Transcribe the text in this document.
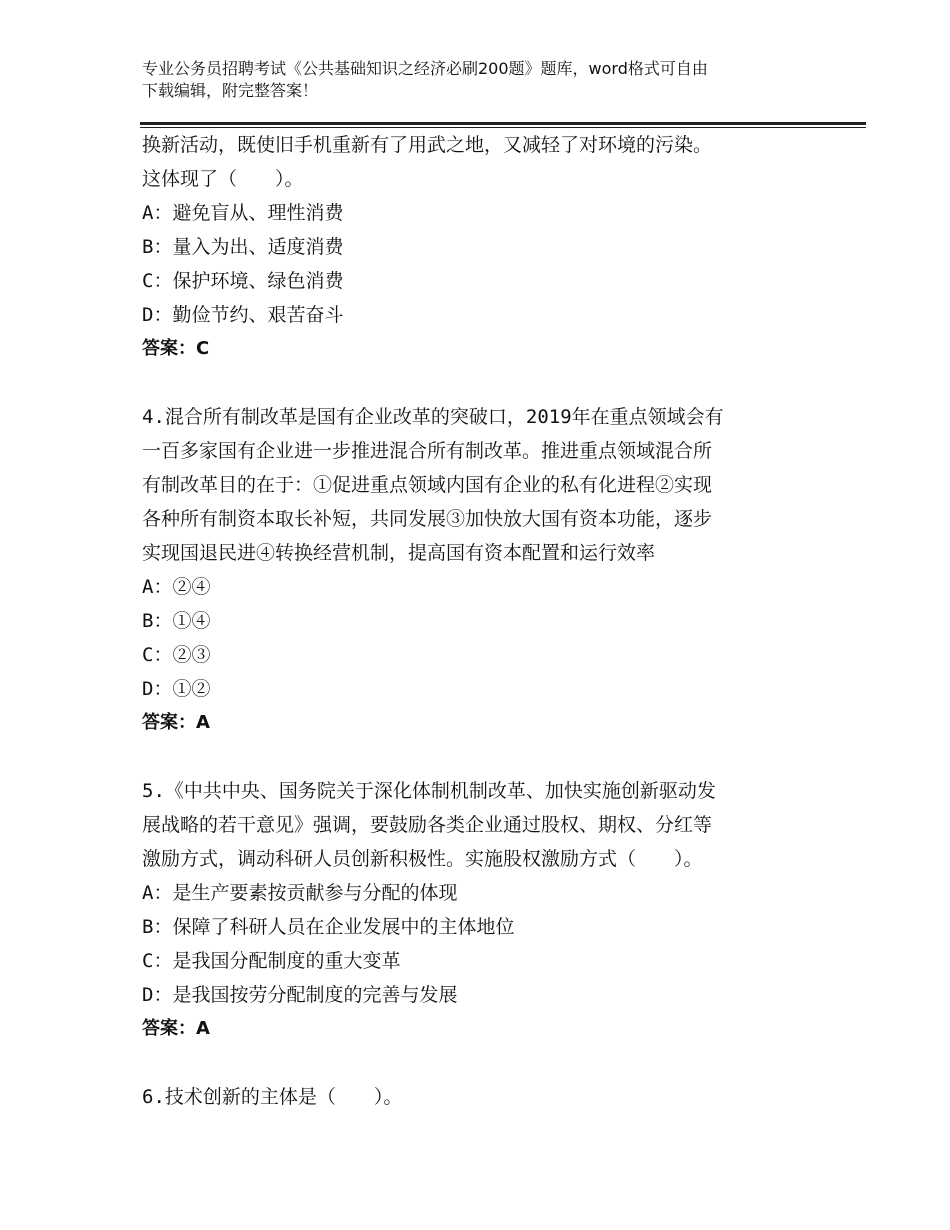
专业公务员招聘考试《公共基础知识之经济必刷200题》题库，word格式可自由
下载编辑，附完整答案！
换新活动，既使旧手机重新有了用武之地，又减轻了对环境的污染。
这体现了（　　）。
A：避免盲从、理性消费
B：量入为出、适度消费
C：保护环境、绿色消费
D：勤俭节约、艰苦奋斗
答案：C
4.混合所有制改革是国有企业改革的突破口，2019年在重点领域会有
一百多家国有企业进一步推进混合所有制改革。推进重点领域混合所
有制改革目的在于：①促进重点领域内国有企业的私有化进程②实现
各种所有制资本取长补短，共同发展③加快放大国有资本功能，逐步
实现国退民进④转换经营机制，提高国有资本配置和运行效率
A：②④
B：①④
C：②③
D：①②
答案：A
5.《中共中央、国务院关于深化体制机制改革、加快实施创新驱动发
展战略的若干意见》强调，要鼓励各类企业通过股权、期权、分红等
激励方式，调动科研人员创新积极性。实施股权激励方式（　　）。
A：是生产要素按贡献参与分配的体现
B：保障了科研人员在企业发展中的主体地位
C：是我国分配制度的重大变革
D：是我国按劳分配制度的完善与发展
答案：A
6.技术创新的主体是（　　）。
